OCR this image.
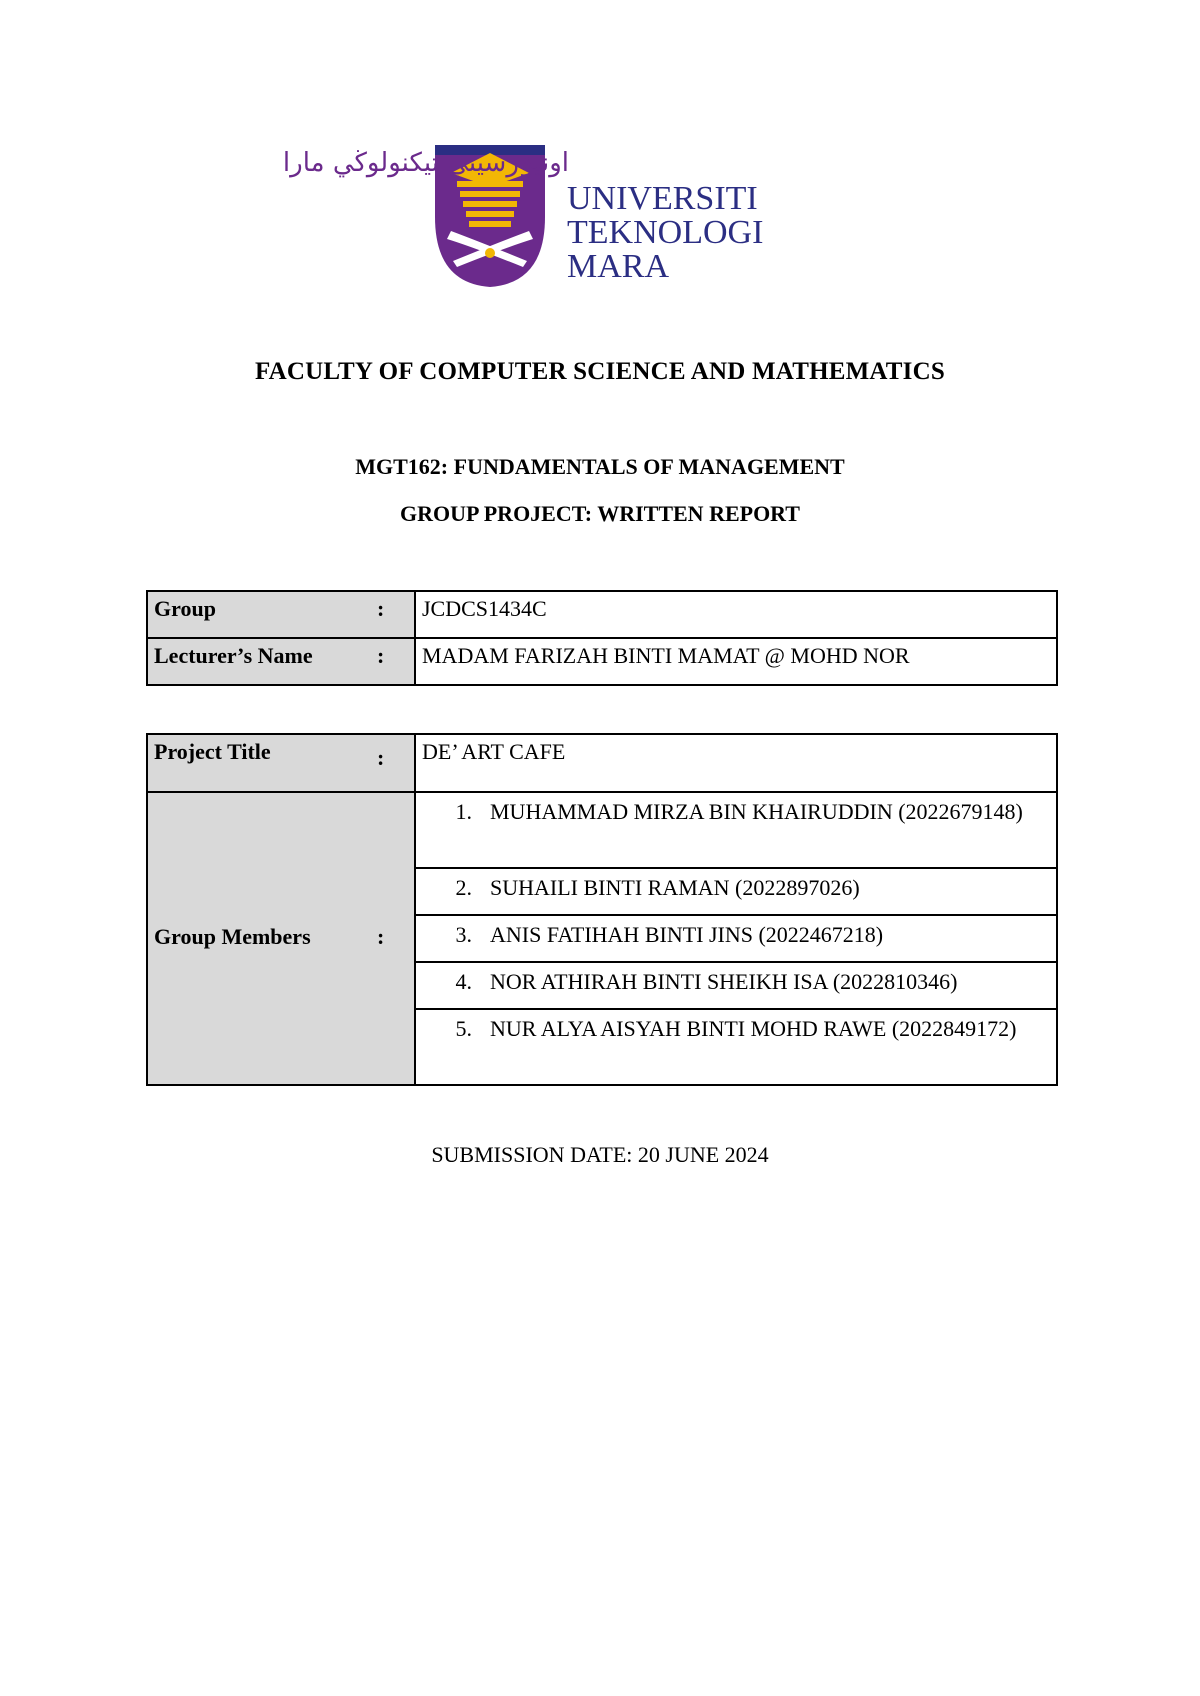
اونيۏرسيتي تيكنولوڬي مارا
UNIVERSITI
TEKNOLOGI
MARA
FACULTY OF COMPUTER SCIENCE AND MATHEMATICS
MGT162: FUNDAMENTALS OF MANAGEMENT
GROUP PROJECT: WRITTEN REPORT
Group :	JCDCS1434C

Lecturer’s Name :	MADAM FARIZAH BINTI MAMAT @ MOHD NOR
Project Title :	DE’ ART CAFE

Group Members :	1. MUHAMMAD MIRZA BIN KHAIRUDDIN (2022679148)

	2. SUHAILI BINTI RAMAN (2022897026)

	3. ANIS FATIHAH BINTI JINS (2022467218)

	4. NOR ATHIRAH BINTI SHEIKH ISA (2022810346)

	5. NUR ALYA AISYAH BINTI MOHD RAWE (2022849172)
SUBMISSION DATE: 20 JUNE 2024
